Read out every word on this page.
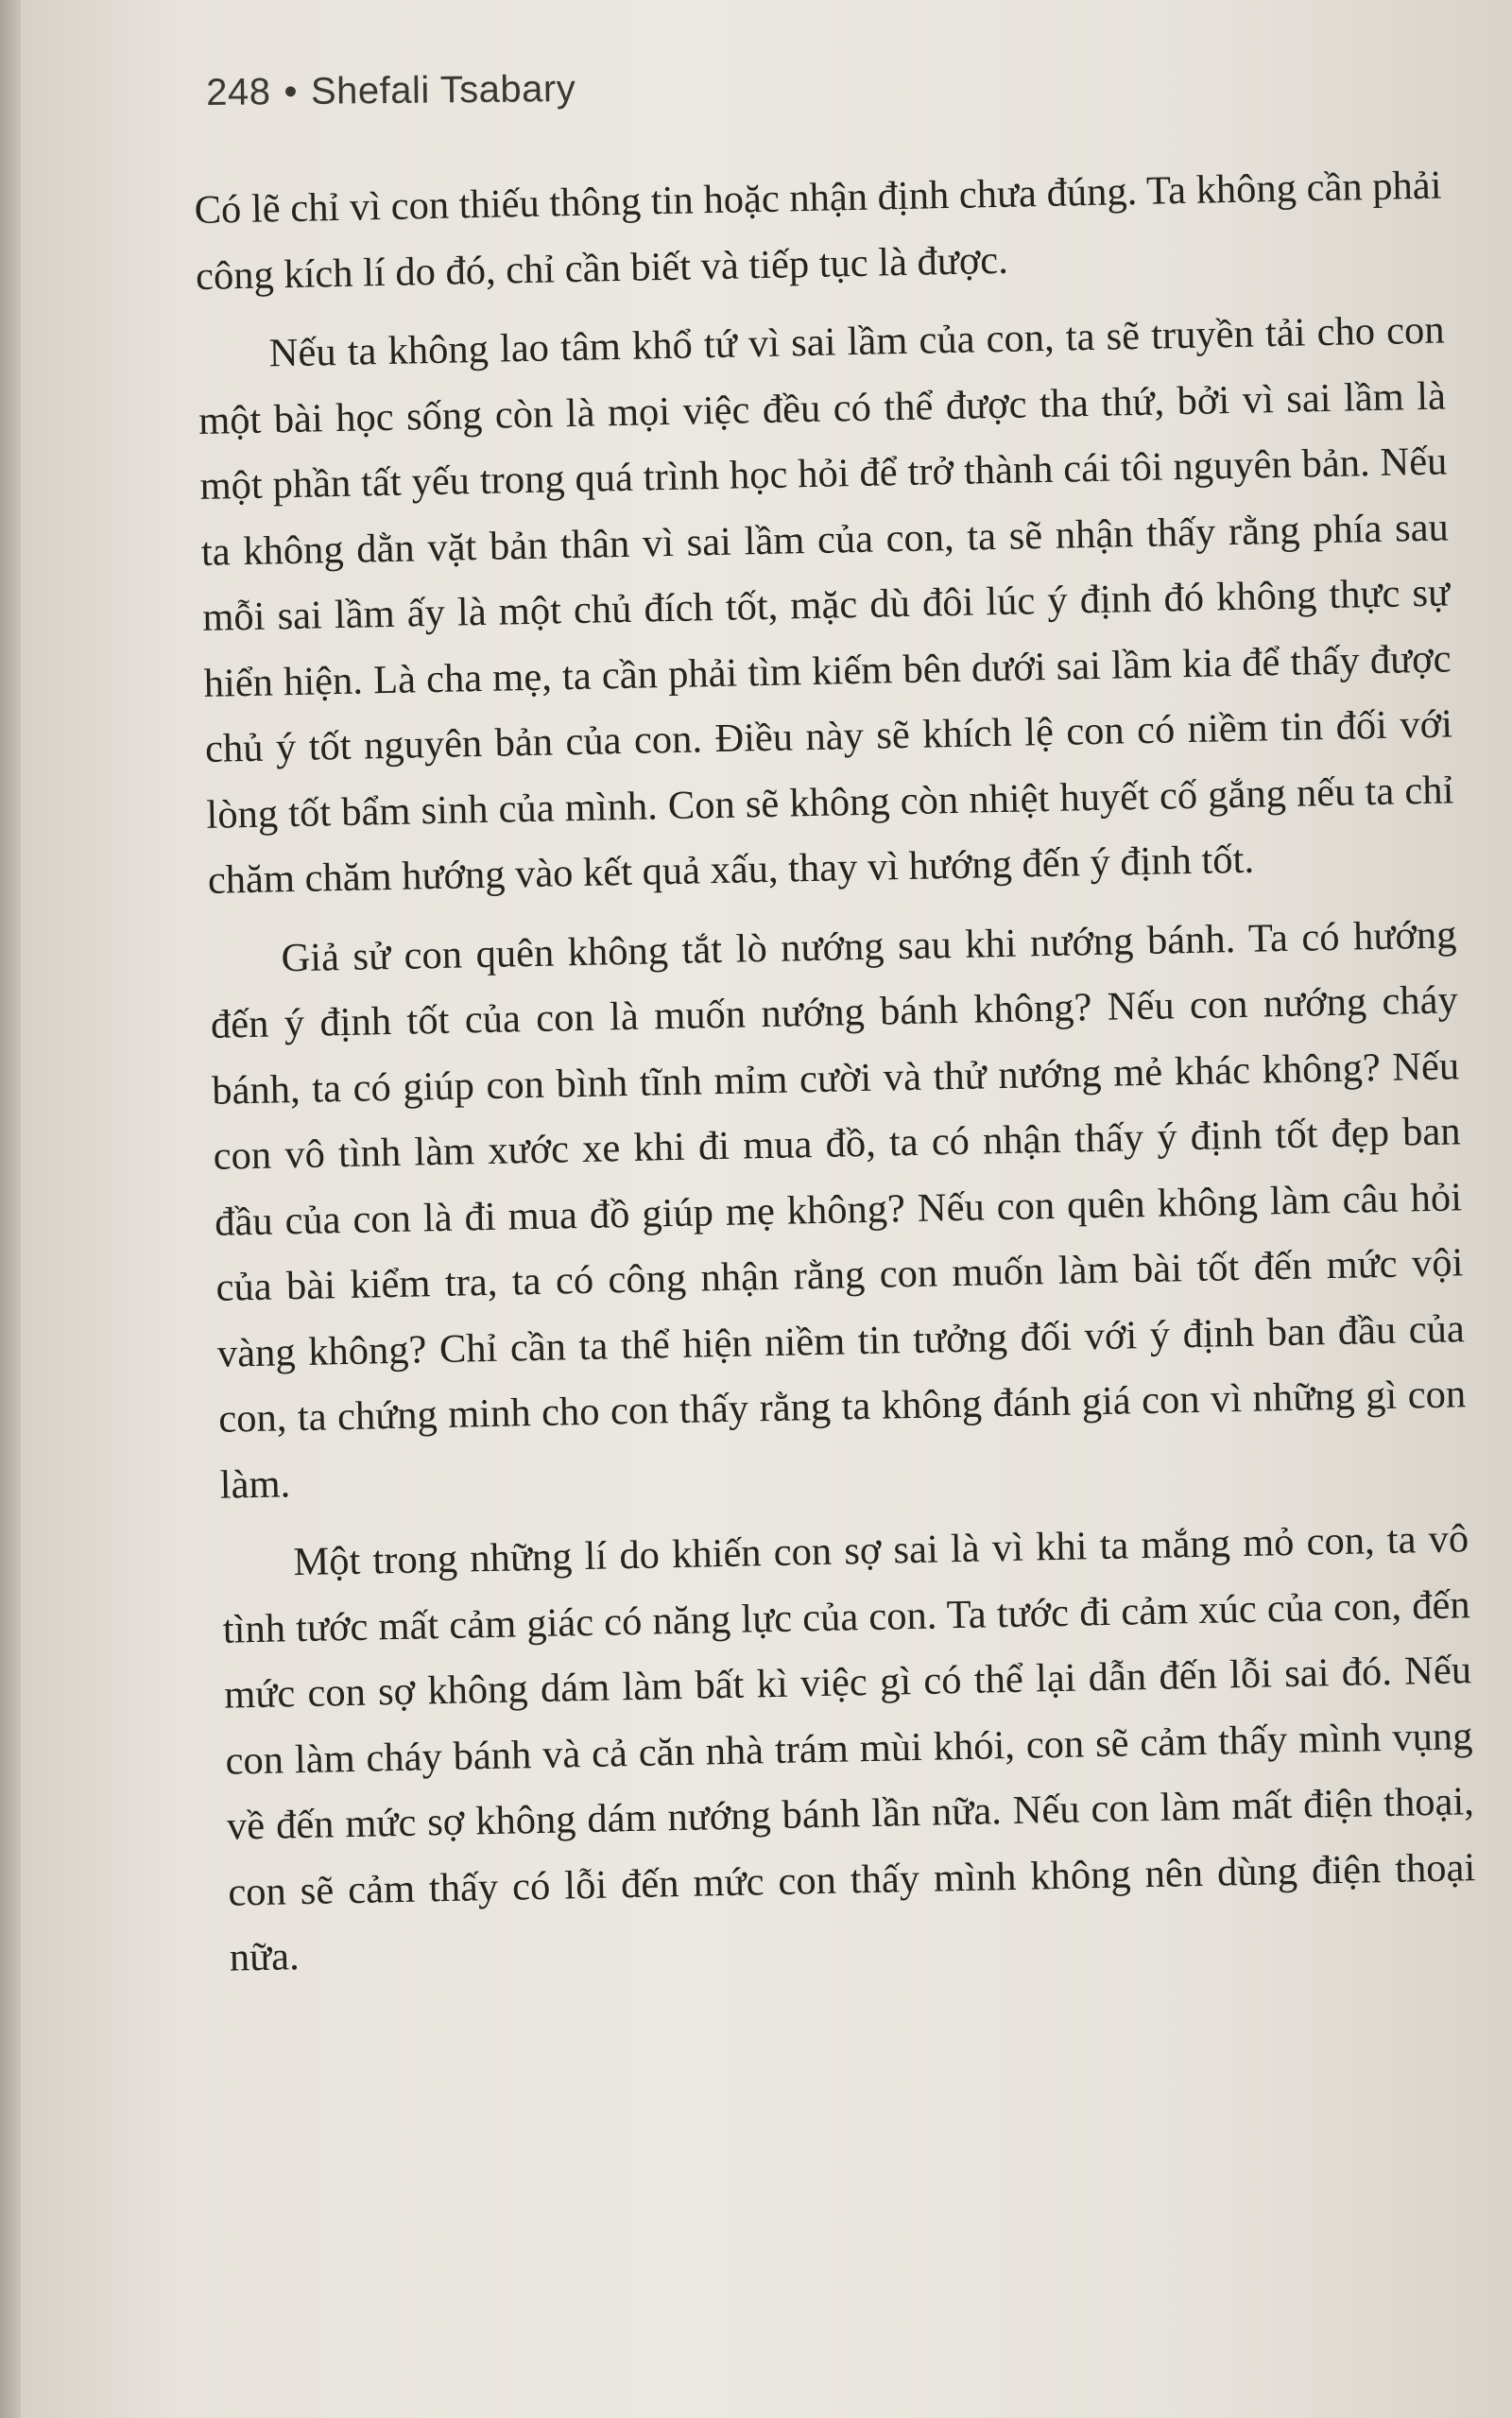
248 • Shefali Tsabary

Có lẽ chỉ vì con thiếu thông tin hoặc nhận định chưa đúng. Ta không cần phải công kích lí do đó, chỉ cần biết và tiếp tục là được.

Nếu ta không lao tâm khổ tứ vì sai lầm của con, ta sẽ truyền tải cho con một bài học sống còn là mọi việc đều có thể được tha thứ, bởi vì sai lầm là một phần tất yếu trong quá trình học hỏi để trở thành cái tôi nguyên bản. Nếu ta không dằn vặt bản thân vì sai lầm của con, ta sẽ nhận thấy rằng phía sau mỗi sai lầm ấy là một chủ đích tốt, mặc dù đôi lúc ý định đó không thực sự hiển hiện. Là cha mẹ, ta cần phải tìm kiếm bên dưới sai lầm kia để thấy được chủ ý tốt nguyên bản của con. Điều này sẽ khích lệ con có niềm tin đối với lòng tốt bẩm sinh của mình. Con sẽ không còn nhiệt huyết cố gắng nếu ta chỉ chăm chăm hướng vào kết quả xấu, thay vì hướng đến ý định tốt.

Giả sử con quên không tắt lò nướng sau khi nướng bánh. Ta có hướng đến ý định tốt của con là muốn nướng bánh không? Nếu con nướng cháy bánh, ta có giúp con bình tĩnh mỉm cười và thử nướng mẻ khác không? Nếu con vô tình làm xước xe khi đi mua đồ, ta có nhận thấy ý định tốt đẹp ban đầu của con là đi mua đồ giúp mẹ không? Nếu con quên không làm câu hỏi của bài kiểm tra, ta có công nhận rằng con muốn làm bài tốt đến mức vội vàng không? Chỉ cần ta thể hiện niềm tin tưởng đối với ý định ban đầu của con, ta chứng minh cho con thấy rằng ta không đánh giá con vì những gì con làm.

Một trong những lí do khiến con sợ sai là vì khi ta mắng mỏ con, ta vô tình tước mất cảm giác có năng lực của con. Ta tước đi cảm xúc của con, đến mức con sợ không dám làm bất kì việc gì có thể lại dẫn đến lỗi sai đó. Nếu con làm cháy bánh và cả căn nhà trám mùi khói, con sẽ cảm thấy mình vụng về đến mức sợ không dám nướng bánh lần nữa. Nếu con làm mất điện thoại, con sẽ cảm thấy có lỗi đến mức con thấy mình không nên dùng điện thoại nữa.
